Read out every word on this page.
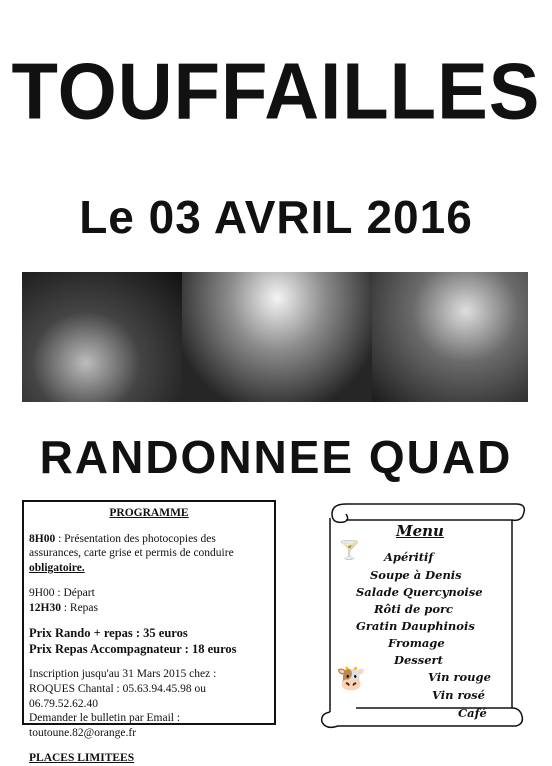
TOUFFAILLES
Le 03 AVRIL 2016
RANDONNEE QUAD
PROGRAMME

8H00 : Présentation des photocopies des assurances, carte grise et permis de conduire obligatoire.

9H00 : Départ

12H30 : Repas

Prix Rando + repas : 35 euros

Prix Repas Accompagnateur : 18 euros

Inscription jusqu'au 31 Mars 2015 chez :

ROQUES Chantal : 05.63.94.45.98 ou 06.79.52.62.40

Demander le bulletin par Email : toutoune.82@orange.fr

PLACES LIMITEES

Menu
🍸 Apéritif
Soupe à Denis
Salade Quercynoise
Rôti de porc
Gratin Dauphinois
Fromage
Dessert
🐮	Vin rouge
Vin rosé
Café
